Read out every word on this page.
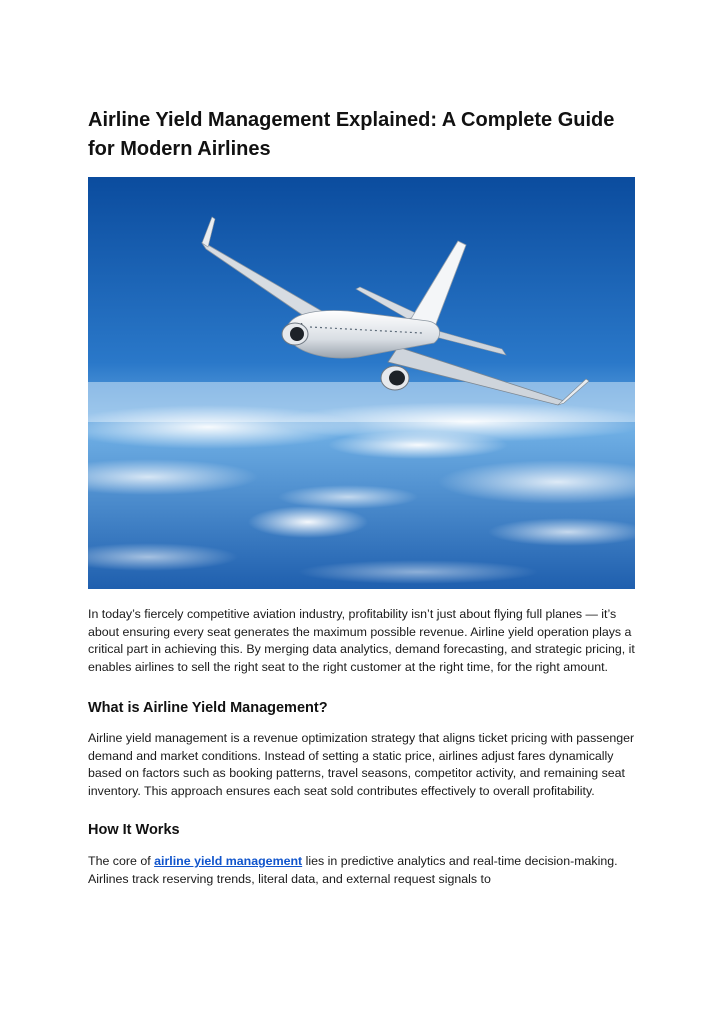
Airline Yield Management Explained: A Complete Guide
for Modern Airlines

In today’s fiercely competitive aviation industry, profitability isn’t just about flying full planes — it’s about ensuring every seat generates the maximum possible revenue. Airline yield operation plays a critical part in achieving this. By merging data analytics, demand forecasting, and strategic pricing, it enables airlines to sell the right seat to the right customer at the right time, for the right amount.

What is Airline Yield Management?

Airline yield management is a revenue optimization strategy that aligns ticket pricing with passenger demand and market conditions. Instead of setting a static price, airlines adjust fares dynamically based on factors such as booking patterns, travel seasons, competitor activity, and remaining seat inventory. This approach ensures each seat sold contributes effectively to overall profitability.

How It Works

The core of airline yield management lies in predictive analytics and real-time decision-making. Airlines track reserving trends, literal data, and external request signals to
